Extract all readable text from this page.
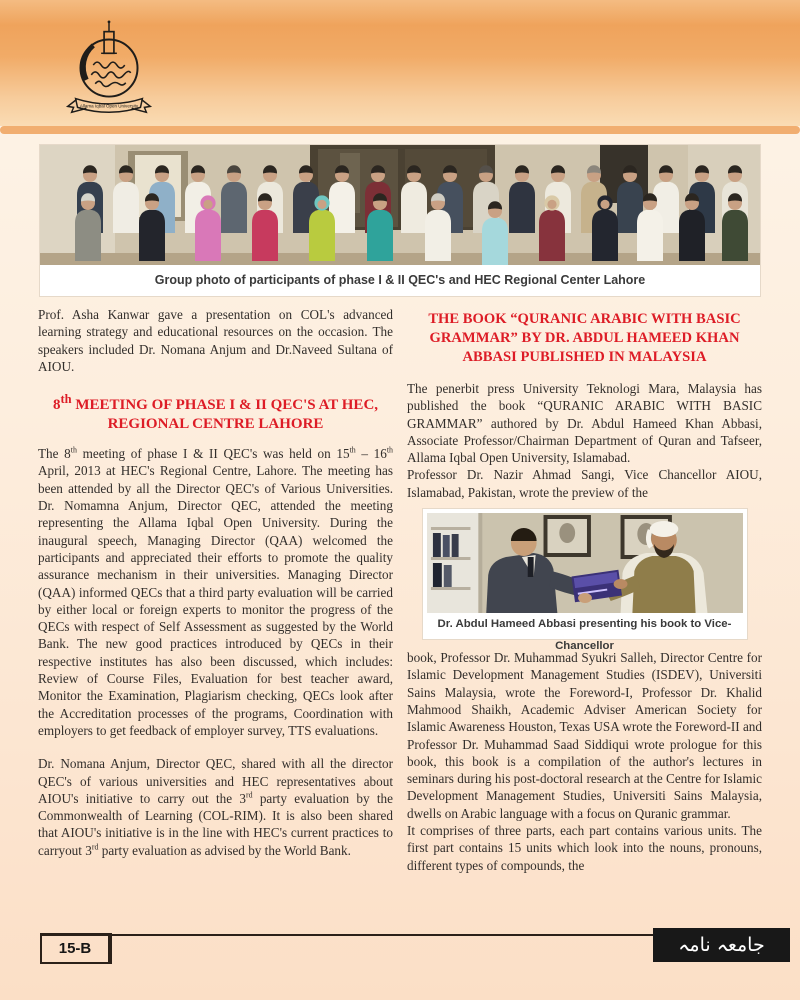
Allama Iqbal Open University
Group photo of participants of phase I & II QEC's and HEC Regional Center Lahore

Prof. Asha Kanwar gave a presentation on COL's advanced learning strategy and educational resources on the occasion. The speakers included Dr. Nomana Anjum and Dr.Naveed Sultana of AIOU.

8th MEETING OF PHASE I & II QEC'S AT HEC, REGIONAL CENTRE LAHORE

The 8th meeting of phase I & II QEC's was held on 15th – 16th April, 2013 at HEC's Regional Centre, Lahore. The meeting has been attended by all the Director QEC's of Various Universities. Dr. Nomamna Anjum, Director QEC, attended the meeting representing the Allama Iqbal Open University. During the inaugural speech, Managing Director (QAA) welcomed the participants and appreciated their efforts to promote the quality assurance mechanism in their universities. Managing Director (QAA) informed QECs that a third party evaluation will be carried by either local or foreign experts to monitor the progress of the QECs with respect of Self Assessment as suggested by the World Bank. The new good practices introduced by QECs in their respective institutes has also been discussed, which includes: Review of Course Files, Evaluation for best teacher award, Monitor the Examination, Plagiarism checking, QECs look after the Accreditation processes of the programs, Coordination with employers to get feedback of employer survey, TTS evaluations.

Dr. Nomana Anjum, Director QEC, shared with all the director QEC's of various universities and HEC representatives about AIOU's initiative to carry out the 3rd party evaluation by the Commonwealth of Learning (COL-RIM). It is also been shared that AIOU's initiative is in the line with HEC's current practices to carryout 3rd party evaluation as advised by the World Bank.

THE BOOK “QURANIC ARABIC WITH BASIC GRAMMAR” BY DR. ABDUL HAMEED KHAN ABBASI PUBLISHED IN MALAYSIA

The penerbit press University Teknologi Mara, Malaysia has published the book “QURANIC ARABIC WITH BASIC GRAMMAR” authored by Dr. Abdul Hameed Khan Abbasi, Associate Professor/Chairman Department of Quran and Tafseer, Allama Iqbal Open University, Islamabad.

Professor Dr. Nazir Ahmad Sangi, Vice Chancellor AIOU, Islamabad, Pakistan, wrote the preview of the

Dr. Abdul Hameed Abbasi presenting his book to Vice-Chancellor

book, Professor Dr. Muhammad Syukri Salleh, Director Centre for Islamic Development Management Studies (ISDEV), Universiti Sains Malaysia, wrote the Foreword-I, Professor Dr. Khalid Mahmood Shaikh, Academic Adviser American Society for Islamic Awareness Houston, Texas USA wrote the Foreword-II and Professor Dr. Muhammad Saad Siddiqui wrote prologue for this book, this book is a compilation of the author's lectures in seminars during his post-doctoral research at the Centre for Islamic Development Management Studies, Universiti Sains Malaysia, dwells on Arabic language with a focus on Quranic grammar.

It comprises of three parts, each part contains various units. The first part contains 15 units which look into the nouns, pronouns, different types of compounds, the

15-B	جامعہ نامہ
